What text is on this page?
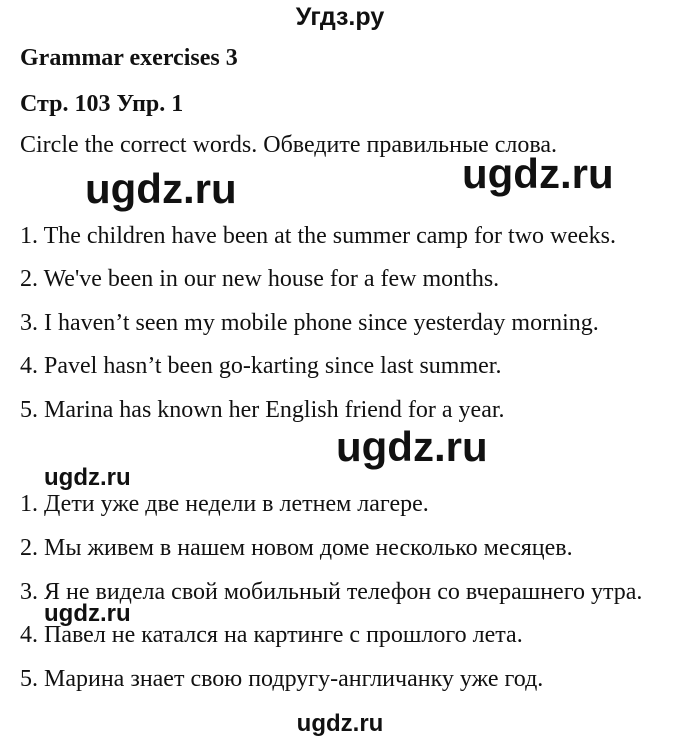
Угдз.ру
Grammar exercises 3
Стр. 103 Упр. 1
Circle the correct words. Обведите правильные слова.
ugdz.ru	ugdz.ru
1. The children have been at the summer camp for two weeks.
2. We've been in our new house for a few months.
3. I haven’t seen my mobile phone since yesterday morning.
4. Pavel hasn’t been go-karting since last summer.
5. Marina has known her English friend for a year.
ugdz.ru
ugdz.ru
1. Дети уже две недели в летнем лагере.
2. Мы живем в нашем новом доме несколько месяцев.
3. Я не видела свой мобильный телефон со вчерашнего утра.
ugdz.ru
4. Павел не катался на картинге с прошлого лета.
5. Марина знает свою подругу-англичанку уже год.
ugdz.ru
